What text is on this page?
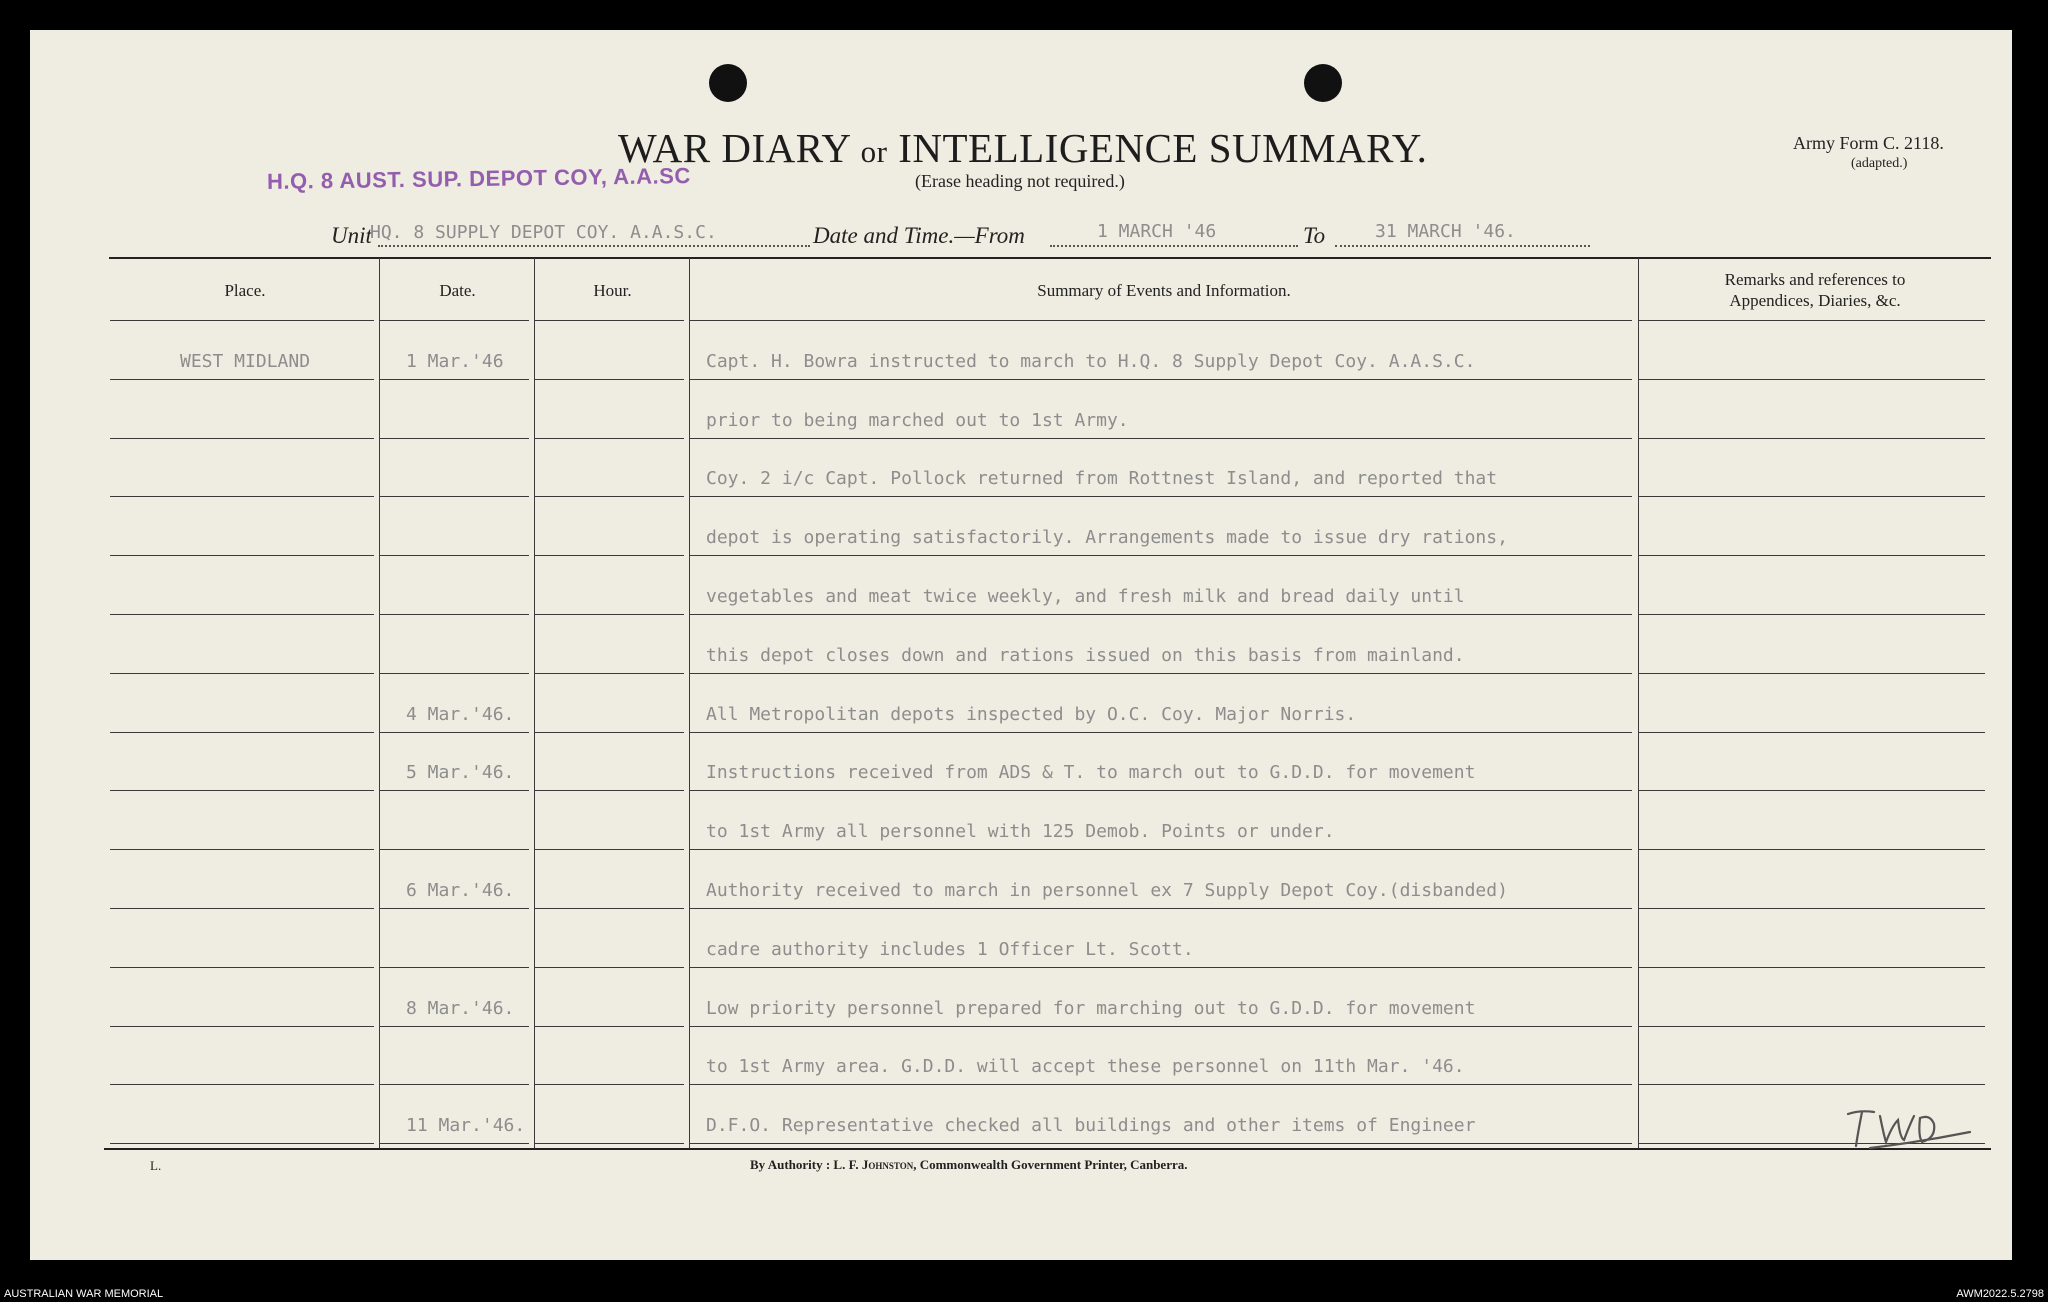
WAR DIARY or INTELLIGENCE SUMMARY.
(Erase heading not required.)
Army Form C. 2118.
(adapted.)
H.Q. 8 AUST. SUP. DEPOT COY, A.A.SC
Unit
HQ. 8 SUPPLY DEPOT COY. A.A.S.C.	Date and Time.—From	1 MARCH '46	To	31 MARCH '46.
Place.	Date.	Hour.	Summary of Events and Information.
Remarks and references to
Appendices, Diaries, &c.
WEST MIDLAND	1 Mar.'46	Capt. H. Bowra instructed to march to H.Q. 8 Supply Depot Coy. A.A.S.C.
prior to being marched out to 1st Army.
Coy. 2 i/c Capt. Pollock returned from Rottnest Island, and reported that
depot is operating satisfactorily. Arrangements made to issue dry rations,
vegetables and meat twice weekly, and fresh milk and bread daily until
this depot closes down and rations issued on this basis from mainland.
4 Mar.'46.	All Metropolitan depots inspected by O.C. Coy. Major Norris.
5 Mar.'46.	Instructions received from ADS & T. to march out to G.D.D. for movement
to 1st Army all personnel with 125 Demob. Points or under.
6 Mar.'46.	Authority received to march in personnel ex 7 Supply Depot Coy.(disbanded)
cadre authority includes 1 Officer Lt. Scott.
8 Mar.'46.	Low priority personnel prepared for marching out to G.D.D. for movement
to 1st Army area. G.D.D. will accept these personnel on 11th Mar. '46.
11 Mar.'46.	D.F.O. Representative checked all buildings and other items of Engineer
L.	By Authority : L. F. Johnston, Commonwealth Government Printer, Canberra.
AUSTRALIAN WAR MEMORIAL	AWM2022.5.2798
